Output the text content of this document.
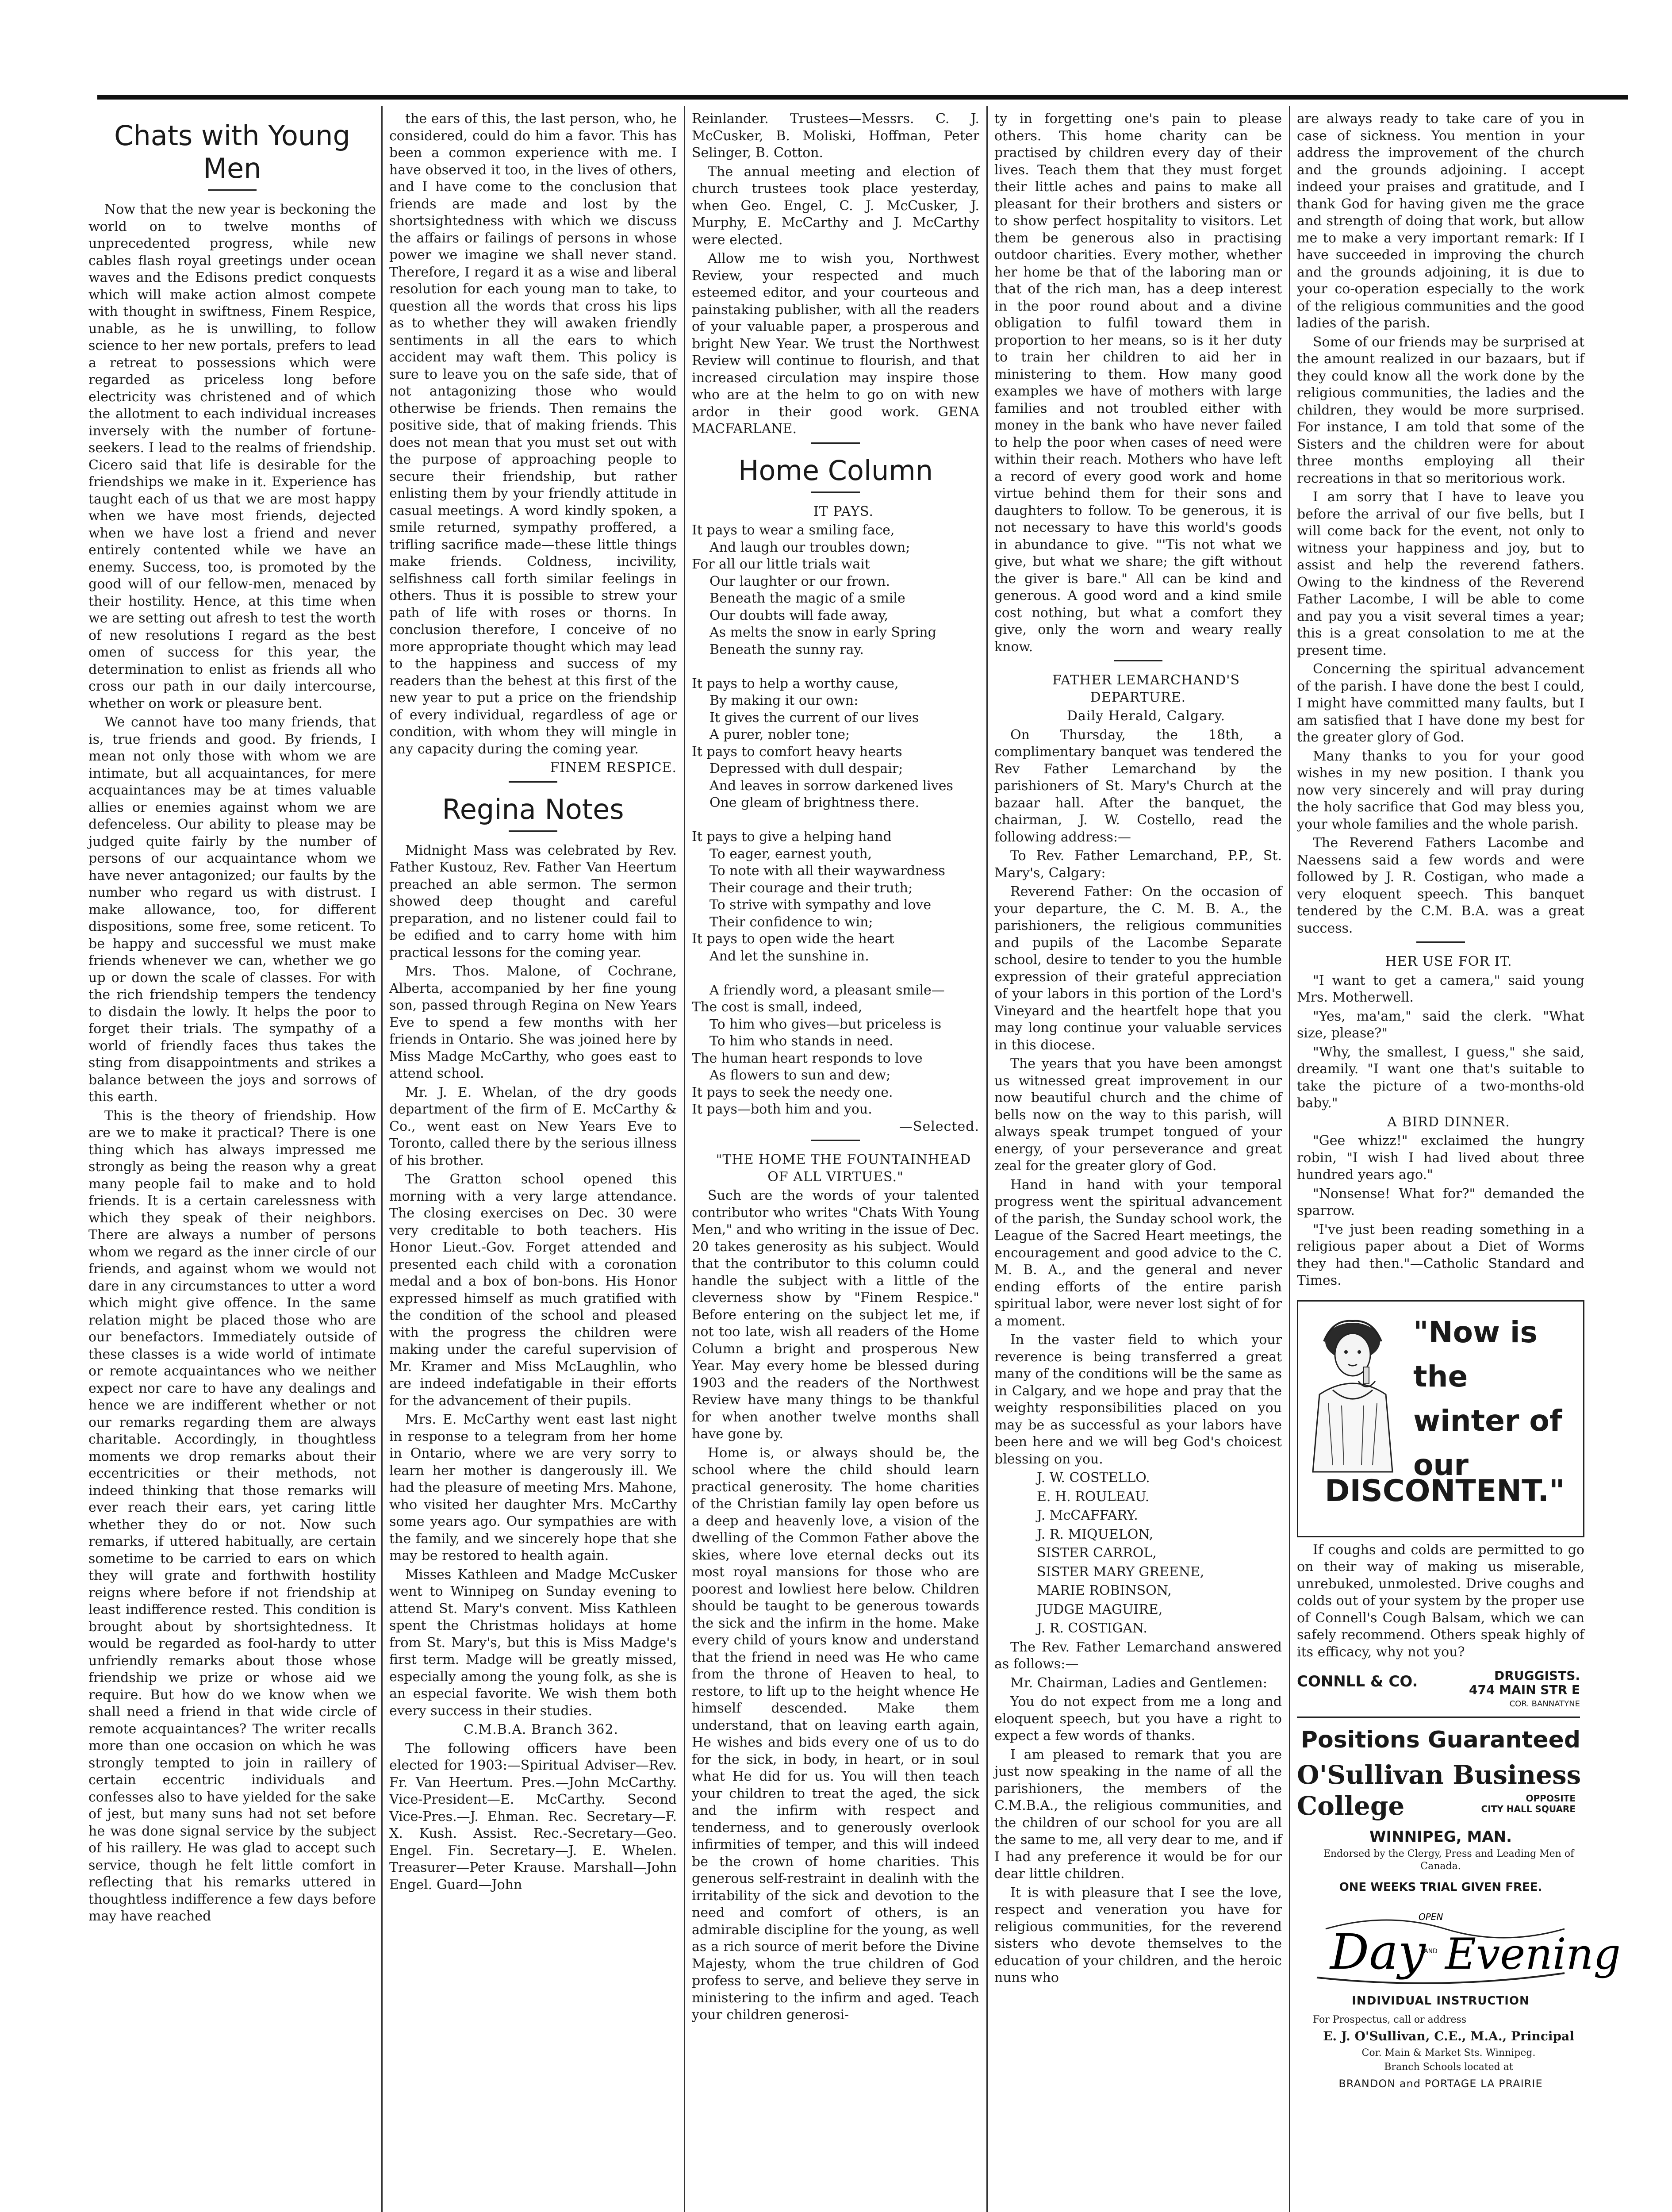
Chats with Young Men

Now that the new year is beckoning the world on to twelve months of unprecedented progress, while new cables flash royal greetings under ocean waves and the Edisons predict conquests which will make action almost compete with thought in swiftness, Finem Respice, unable, as he is unwilling, to follow science to her new portals, prefers to lead a retreat to possessions which were regarded as priceless long before electricity was christened and of which the allotment to each individual increases inversely with the number of fortune-seekers. I lead to the realms of friendship. Cicero said that life is desirable for the friendships we make in it. Experience has taught each of us that we are most happy when we have most friends, dejected when we have lost a friend and never entirely contented while we have an enemy. Success, too, is promoted by the good will of our fellow-men, menaced by their hostility. Hence, at this time when we are setting out afresh to test the worth of new resolutions I regard as the best omen of success for this year, the determination to enlist as friends all who cross our path in our daily intercourse, whether on work or pleasure bent.

We cannot have too many friends, that is, true friends and good. By friends, I mean not only those with whom we are intimate, but all acquaintances, for mere acquaintances may be at times valuable allies or enemies against whom we are defenceless. Our ability to please may be judged quite fairly by the number of persons of our acquaintance whom we have never antagonized; our faults by the number who regard us with distrust. I make allowance, too, for different dispositions, some free, some reticent. To be happy and successful we must make friends whenever we can, whether we go up or down the scale of classes. For with the rich friendship tempers the tendency to disdain the lowly. It helps the poor to forget their trials. The sympathy of a world of friendly faces thus takes the sting from disappointments and strikes a balance between the joys and sorrows of this earth.

This is the theory of friendship. How are we to make it practical? There is one thing which has always impressed me strongly as being the reason why a great many people fail to make and to hold friends. It is a certain carelessness with which they speak of their neighbors. There are always a number of persons whom we regard as the inner circle of our friends, and against whom we would not dare in any circumstances to utter a word which might give offence. In the same relation might be placed those who are our benefactors. Immediately outside of these classes is a wide world of intimate or remote acquaintances who we neither expect nor care to have any dealings and hence we are indifferent whether or not our remarks regarding them are always charitable. Accordingly, in thoughtless moments we drop remarks about their eccentricities or their methods, not indeed thinking that those remarks will ever reach their ears, yet caring little whether they do or not. Now such remarks, if uttered habitually, are certain sometime to be carried to ears on which they will grate and forthwith hostility reigns where before if not friendship at least indifference rested. This condition is brought about by shortsightedness. It would be regarded as fool-hardy to utter unfriendly remarks about those whose friendship we prize or whose aid we require. But how do we know when we shall need a friend in that wide circle of remote acquaintances? The writer recalls more than one occasion on which he was strongly tempted to join in raillery of certain eccentric individuals and confesses also to have yielded for the sake of jest, but many suns had not set before he was done signal service by the subject of his raillery. He was glad to accept such service, though he felt little comfort in reflecting that his remarks uttered in thoughtless indifference a few days before may have reached

the ears of this, the last person, who, he considered, could do him a favor. This has been a common experience with me. I have observed it too, in the lives of others, and I have come to the conclusion that friends are made and lost by the shortsightedness with which we discuss the affairs or failings of persons in whose power we imagine we shall never stand. Therefore, I regard it as a wise and liberal resolution for each young man to take, to question all the words that cross his lips as to whether they will awaken friendly sentiments in all the ears to which accident may waft them. This policy is sure to leave you on the safe side, that of not antagonizing those who would otherwise be friends. Then remains the positive side, that of making friends. This does not mean that you must set out with the purpose of approaching people to secure their friendship, but rather enlisting them by your friendly attitude in casual meetings. A word kindly spoken, a smile returned, sympathy proffered, a trifling sacrifice made—these little things make friends. Coldness, incivility, selfishness call forth similar feelings in others. Thus it is possible to strew your path of life with roses or thorns. In conclusion therefore, I conceive of no more appropriate thought which may lead to the happiness and success of my readers than the behest at this first of the new year to put a price on the friendship of every individual, regardless of age or condition, with whom they will mingle in any capacity during the coming year.

FINEM RESPICE.

Regina Notes

Midnight Mass was celebrated by Rev. Father Kustouz, Rev. Father Van Heertum preached an able sermon. The sermon showed deep thought and careful preparation, and no listener could fail to be edified and to carry home with him practical lessons for the coming year.

Mrs. Thos. Malone, of Cochrane, Alberta, accompanied by her fine young son, passed through Regina on New Years Eve to spend a few months with her friends in Ontario. She was joined here by Miss Madge McCarthy, who goes east to attend school.

Mr. J. E. Whelan, of the dry goods department of the firm of E. McCarthy & Co., went east on New Years Eve to Toronto, called there by the serious illness of his brother.

The Gratton school opened this morning with a very large attendance. The closing exercises on Dec. 30 were very creditable to both teachers. His Honor Lieut.-Gov. Forget attended and presented each child with a coronation medal and a box of bon-bons. His Honor expressed himself as much gratified with the condition of the school and pleased with the progress the children were making under the careful supervision of Mr. Kramer and Miss McLaughlin, who are indeed indefatigable in their efforts for the advancement of their pupils.

Mrs. E. McCarthy went east last night in response to a telegram from her home in Ontario, where we are very sorry to learn her mother is dangerously ill. We had the pleasure of meeting Mrs. Mahone, who visited her daughter Mrs. McCarthy some years ago. Our sympathies are with the family, and we sincerely hope that she may be restored to health again.

Misses Kathleen and Madge McCusker went to Winnipeg on Sunday evening to attend St. Mary's convent. Miss Kathleen spent the Christmas holidays at home from St. Mary's, but this is Miss Madge's first term. Madge will be greatly missed, especially among the young folk, as she is an especial favorite. We wish them both every success in their studies.

C.M.B.A. Branch 362.

The following officers have been elected for 1903:—Spiritual Adviser—Rev. Fr. Van Heertum. Pres.—John McCarthy. Vice-President—E. McCarthy. Second Vice-Pres.—J. Ehman. Rec. Secretary—F. X. Kush. Assist. Rec.-Secretary—Geo. Engel. Fin. Secretary—J. E. Whelen. Treasurer—Peter Krause. Marshall—John Engel. Guard—John

Reinlander. Trustees—Messrs. C. J. McCusker, B. Moliski, Hoffman, Peter Selinger, B. Cotton.

The annual meeting and election of church trustees took place yesterday, when Geo. Engel, C. J. McCusker, J. Murphy, E. McCarthy and J. McCarthy were elected.

Allow me to wish you, Northwest Review, your respected and much esteemed editor, and your courteous and painstaking publisher, with all the readers of your valuable paper, a prosperous and bright New Year. We trust the Northwest Review will continue to flourish, and that increased circulation may inspire those who are at the helm to go on with new ardor in their good work. GENA MACFARLANE.

Home Column

IT PAYS.

It pays to wear a smiling face,
And laugh our troubles down;
For all our little trials wait
Our laughter or our frown.
Beneath the magic of a smile
Our doubts will fade away,
As melts the snow in early Spring
Beneath the sunny ray.

It pays to help a worthy cause,
By making it our own:
It gives the current of our lives
A purer, nobler tone;
It pays to comfort heavy hearts
Depressed with dull despair;
And leaves in sorrow darkened lives
One gleam of brightness there.

It pays to give a helping hand
To eager, earnest youth,
To note with all their waywardness
Their courage and their truth;
To strive with sympathy and love
Their confidence to win;
It pays to open wide the heart
And let the sunshine in.

A friendly word, a pleasant smile—
The cost is small, indeed,
To him who gives—but priceless is
To him who stands in need.
The human heart responds to love
As flowers to sun and dew;
It pays to seek the needy one.
It pays—both him and you.

—Selected.

"THE HOME THE FOUNTAINHEAD OF ALL VIRTUES."

Such are the words of your talented contributor who writes "Chats With Young Men," and who writing in the issue of Dec. 20 takes generosity as his subject. Would that the contributor to this column could handle the subject with a little of the cleverness show by "Finem Respice." Before entering on the subject let me, if not too late, wish all readers of the Home Column a bright and prosperous New Year. May every home be blessed during 1903 and the readers of the Northwest Review have many things to be thankful for when another twelve months shall have gone by.

Home is, or always should be, the school where the child should learn practical generosity. The home charities of the Christian family lay open before us a deep and heavenly love, a vision of the dwelling of the Common Father above the skies, where love eternal decks out its most royal mansions for those who are poorest and lowliest here below. Children should be taught to be generous towards the sick and the infirm in the home. Make every child of yours know and understand that the friend in need was He who came from the throne of Heaven to heal, to restore, to lift up to the height whence He himself descended. Make them understand, that on leaving earth again, He wishes and bids every one of us to do for the sick, in body, in heart, or in soul what He did for us. You will then teach your children to treat the aged, the sick and the infirm with respect and tenderness, and to generously overlook infirmities of temper, and this will indeed be the crown of home charities. This generous self-restraint in dealinh with the irritability of the sick and devotion to the need and comfort of others, is an admirable discipline for the young, as well as a rich source of merit before the Divine Majesty, whom the true children of God profess to serve, and believe they serve in ministering to the infirm and aged. Teach your children generosi-

ty in forgetting one's pain to please others. This home charity can be practised by children every day of their lives. Teach them that they must forget their little aches and pains to make all pleasant for their brothers and sisters or to show perfect hospitality to visitors. Let them be generous also in practising outdoor charities. Every mother, whether her home be that of the laboring man or that of the rich man, has a deep interest in the poor round about and a divine obligation to fulfil toward them in proportion to her means, so is it her duty to train her children to aid her in ministering to them. How many good examples we have of mothers with large families and not troubled either with money in the bank who have never failed to help the poor when cases of need were within their reach. Mothers who have left a record of every good work and home virtue behind them for their sons and daughters to follow. To be generous, it is not necessary to have this world's goods in abundance to give. "'Tis not what we give, but what we share; the gift without the giver is bare." All can be kind and generous. A good word and a kind smile cost nothing, but what a comfort they give, only the worn and weary really know.

FATHER LEMARCHAND'S DEPARTURE.

Daily Herald, Calgary.

On Thursday, the 18th, a complimentary banquet was tendered the Rev Father Lemarchand by the parishioners of St. Mary's Church at the bazaar hall. After the banquet, the chairman, J. W. Costello, read the following address:—

To Rev. Father Lemarchand, P.P., St. Mary's, Calgary:

Reverend Father: On the occasion of your departure, the C. M. B. A., the parishioners, the religious communities and pupils of the Lacombe Separate school, desire to tender to you the humble expression of their grateful appreciation of your labors in this portion of the Lord's Vineyard and the heartfelt hope that you may long continue your valuable services in this diocese.

The years that you have been amongst us witnessed great improvement in our now beautiful church and the chime of bells now on the way to this parish, will always speak trumpet tongued of your energy, of your perseverance and great zeal for the greater glory of God.

Hand in hand with your temporal progress went the spiritual advancement of the parish, the Sunday school work, the League of the Sacred Heart meetings, the encouragement and good advice to the C. M. B. A., and the general and never ending efforts of the entire parish spiritual labor, were never lost sight of for a moment.

In the vaster field to which your reverence is being transferred a great many of the conditions will be the same as in Calgary, and we hope and pray that the weighty responsibilities placed on you may be as successful as your labors have been here and we will beg God's choicest blessing on you.

J. W. COSTELLO.

E. H. ROULEAU.

J. McCAFFARY.

J. R. MIQUELON,

SISTER CARROL,

SISTER MARY GREENE,

MARIE ROBINSON,

JUDGE MAGUIRE,

J. R. COSTIGAN.

The Rev. Father Lemarchand answered as follows:—

Mr. Chairman, Ladies and Gentlemen:

You do not expect from me a long and eloquent speech, but you have a right to expect a few words of thanks.

I am pleased to remark that you are just now speaking in the name of all the parishioners, the members of the C.M.B.A., the religious communities, and the children of our school for you are all the same to me, all very dear to me, and if I had any preference it would be for our dear little children.

It is with pleasure that I see the love, respect and veneration you have for religious communities, for the reverend sisters who devote themselves to the education of your children, and the heroic nuns who

are always ready to take care of you in case of sickness. You mention in your address the improvement of the church and the grounds adjoining. I accept indeed your praises and gratitude, and I thank God for having given me the grace and strength of doing that work, but allow me to make a very important remark: If I have succeeded in improving the church and the grounds adjoining, it is due to your co-operation especially to the work of the religious communities and the good ladies of the parish.

Some of our friends may be surprised at the amount realized in our bazaars, but if they could know all the work done by the religious communities, the ladies and the children, they would be more surprised. For instance, I am told that some of the Sisters and the children were for about three months employing all their recreations in that so meritorious work.

I am sorry that I have to leave you before the arrival of our five bells, but I will come back for the event, not only to witness your happiness and joy, but to assist and help the reverend fathers. Owing to the kindness of the Reverend Father Lacombe, I will be able to come and pay you a visit several times a year; this is a great consolation to me at the present time.

Concerning the spiritual advancement of the parish. I have done the best I could, I might have committed many faults, but I am satisfied that I have done my best for the greater glory of God.

Many thanks to you for your good wishes in my new position. I thank you now very sincerely and will pray during the holy sacrifice that God may bless you, your whole families and the whole parish.

The Reverend Fathers Lacombe and Naessens said a few words and were followed by J. R. Costigan, who made a very eloquent speech. This banquet tendered by the C.M. B.A. was a great success.

HER USE FOR IT.

"I want to get a camera," said young Mrs. Motherwell.

"Yes, ma'am," said the clerk. "What size, please?"

"Why, the smallest, I guess," she said, dreamily. "I want one that's suitable to take the picture of a two-months-old baby."

A BIRD DINNER.

"Gee whizz!" exclaimed the hungry robin, "I wish I had lived about three hundred years ago."

"Nonsense! What for?" demanded the sparrow.

"I've just been reading something in a religious paper about a Diet of Worms they had then."—Catholic Standard and Times.

"Now is
the
winter of
our
DISCONTENT."

If coughs and colds are permitted to go on their way of making us miserable, unrebuked, unmolested. Drive coughs and colds out of your system by the proper use of Connell's Cough Balsam, which we can safely recommend. Others speak highly of its efficacy, why not you?

CONNLL & CO.	DRUGGISTS.
474 MAIN STR E
COR. BANNATYNE
Positions Guaranteed
O'Sullivan Business
College	OPPOSITE
CITY HALL SQUARE
WINNIPEG, MAN.

Endorsed by the Clergy, Press and Leading Men of Canada.

ONE WEEKS TRIAL GIVEN FREE.
OPEN
Day
AND Evening
INDIVIDUAL INSTRUCTION

For Prospectus, call or address

E. J. O'Sullivan, C.E., M.A., Principal

Cor. Main & Market Sts. Winnipeg.

Branch Schools located at

BRANDON and PORTAGE LA PRAIRIE
